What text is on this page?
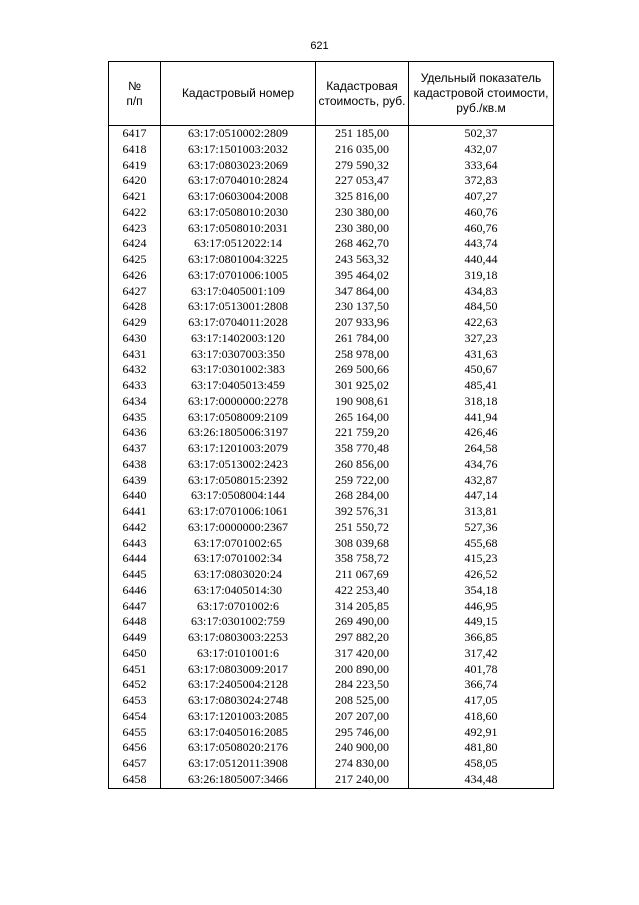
621
№
п/п	Кадастровый номер	Кадастровая стоимость, руб.	Удельный показатель кадастровой стоимости, руб./кв.м
6417	63:17:0510002:2809	251 185,00	502,37
6418	63:17:1501003:2032	216 035,00	432,07
6419	63:17:0803023:2069	279 590,32	333,64
6420	63:17:0704010:2824	227 053,47	372,83
6421	63:17:0603004:2008	325 816,00	407,27
6422	63:17:0508010:2030	230 380,00	460,76
6423	63:17:0508010:2031	230 380,00	460,76
6424	63:17:0512022:14	268 462,70	443,74
6425	63:17:0801004:3225	243 563,32	440,44
6426	63:17:0701006:1005	395 464,02	319,18
6427	63:17:0405001:109	347 864,00	434,83
6428	63:17:0513001:2808	230 137,50	484,50
6429	63:17:0704011:2028	207 933,96	422,63
6430	63:17:1402003:120	261 784,00	327,23
6431	63:17:0307003:350	258 978,00	431,63
6432	63:17:0301002:383	269 500,66	450,67
6433	63:17:0405013:459	301 925,02	485,41
6434	63:17:0000000:2278	190 908,61	318,18
6435	63:17:0508009:2109	265 164,00	441,94
6436	63:26:1805006:3197	221 759,20	426,46
6437	63:17:1201003:2079	358 770,48	264,58
6438	63:17:0513002:2423	260 856,00	434,76
6439	63:17:0508015:2392	259 722,00	432,87
6440	63:17:0508004:144	268 284,00	447,14
6441	63:17:0701006:1061	392 576,31	313,81
6442	63:17:0000000:2367	251 550,72	527,36
6443	63:17:0701002:65	308 039,68	455,68
6444	63:17:0701002:34	358 758,72	415,23
6445	63:17:0803020:24	211 067,69	426,52
6446	63:17:0405014:30	422 253,40	354,18
6447	63:17:0701002:6	314 205,85	446,95
6448	63:17:0301002:759	269 490,00	449,15
6449	63:17:0803003:2253	297 882,20	366,85
6450	63:17:0101001:6	317 420,00	317,42
6451	63:17:0803009:2017	200 890,00	401,78
6452	63:17:2405004:2128	284 223,50	366,74
6453	63:17:0803024:2748	208 525,00	417,05
6454	63:17:1201003:2085	207 207,00	418,60
6455	63:17:0405016:2085	295 746,00	492,91
6456	63:17:0508020:2176	240 900,00	481,80
6457	63:17:0512011:3908	274 830,00	458,05
6458	63:26:1805007:3466	217 240,00	434,48
